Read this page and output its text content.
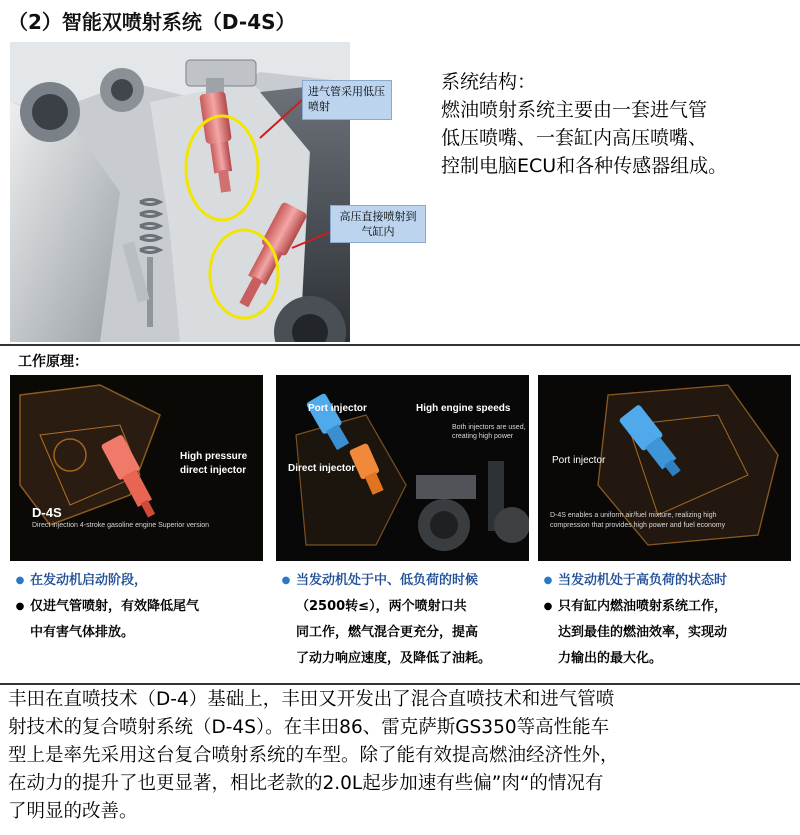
（2）智能双喷射系统（D-4S）
进气管采用低压
喷射
高压直接喷射到
气缸内
系统结构：
燃油喷射系统主要由一套进气管
低压喷嘴、一套缸内高压喷嘴、
控制电脑ECU和各种传感器组成。
工作原理：
High pressure
direct injector
D-4S
Direct injection 4-stroke gasoline engine Superior version
Port injector	High engine speeds
Both injectors are used,
creating high power
Direct injector
Port injector
D-4S enables a uniform air/fuel mixture, realizing high
compression that provides high power and fuel economy
● 在发动机启动阶段，
● 仅进气管喷射，有效降低尾气
中有害气体排放。
● 当发动机处于中、低负荷的时候
（2500转≤），两个喷射口共
同工作，燃气混合更充分，提高
了动力响应速度，及降低了油耗。
● 当发动机处于高负荷的状态时
● 只有缸内燃油喷射系统工作，
达到最佳的燃油效率，实现动
力输出的最大化。
丰田在直喷技术（D-4）基础上，丰田又开发出了混合直喷技术和进气管喷
射技术的复合喷射系统（D-4S）。在丰田86、雷克萨斯GS350等高性能车
型上是率先采用这台复合喷射系统的车型。除了能有效提高燃油经济性外，
在动力的提升了也更显著，相比老款的2.0L起步加速有些偏”肉“的情况有
了明显的改善。
